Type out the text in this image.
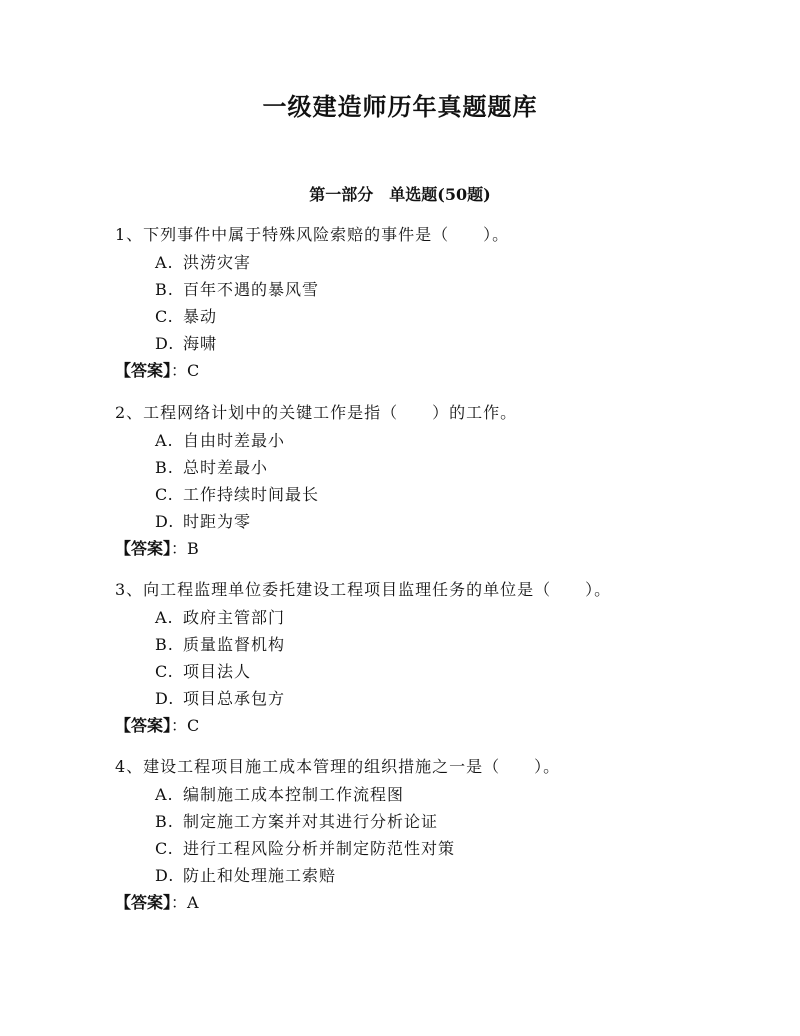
一级建造师历年真题题库
第一部分　单选题(50题)
1、下列事件中属于特殊风险索赔的事件是（　　）。
A. 洪涝灾害
B. 百年不遇的暴风雪
C. 暴动
D. 海啸
【答案】：C
2、工程网络计划中的关键工作是指（　　）的工作。
A. 自由时差最小
B. 总时差最小
C. 工作持续时间最长
D. 时距为零
【答案】：B
3、向工程监理单位委托建设工程项目监理任务的单位是（　　）。
A. 政府主管部门
B. 质量监督机构
C. 项目法人
D. 项目总承包方
【答案】：C
4、建设工程项目施工成本管理的组织措施之一是（　　）。
A. 编制施工成本控制工作流程图
B. 制定施工方案并对其进行分析论证
C. 进行工程风险分析并制定防范性对策
D. 防止和处理施工索赔
【答案】：A
